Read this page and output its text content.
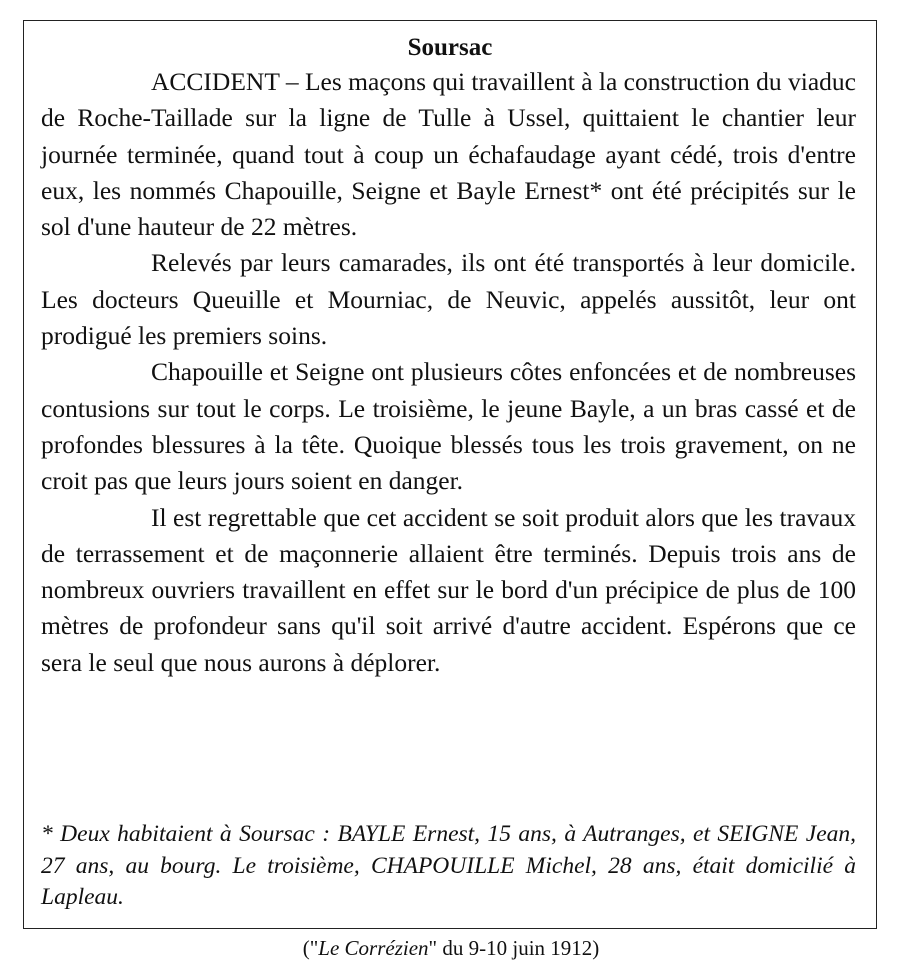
Soursac

ACCIDENT – Les maçons qui travaillent à la construction du viaduc de Roche-Taillade sur la ligne de Tulle à Ussel, quittaient le chantier leur journée terminée, quand tout à coup un échafaudage ayant cédé, trois d'entre eux, les nommés Chapouille, Seigne et Bayle Ernest* ont été précipités sur le sol d'une hauteur de 22 mètres.

Relevés par leurs camarades, ils ont été transportés à leur domicile. Les docteurs Queuille et Mourniac, de Neuvic, appelés aussitôt, leur ont prodigué les premiers soins.

Chapouille et Seigne ont plusieurs côtes enfoncées et de nombreuses contusions sur tout le corps. Le troisième, le jeune Bayle, a un bras cassé et de profondes blessures à la tête. Quoique blessés tous les trois gravement, on ne croit pas que leurs jours soient en danger.

Il est regrettable que cet accident se soit produit alors que les travaux de terrassement et de maçonnerie allaient être terminés. Depuis trois ans de nombreux ouvriers travaillent en effet sur le bord d'un précipice de plus de 100 mètres de profondeur sans qu'il soit arrivé d'autre accident. Espérons que ce sera le seul que nous aurons à déplorer.

* Deux habitaient à Soursac : BAYLE Ernest, 15 ans, à Autranges, et SEIGNE Jean, 27 ans, au bourg. Le troisième, CHAPOUILLE Michel, 28 ans, était domicilié à Lapleau.

("Le Corrézien" du 9-10 juin 1912)
